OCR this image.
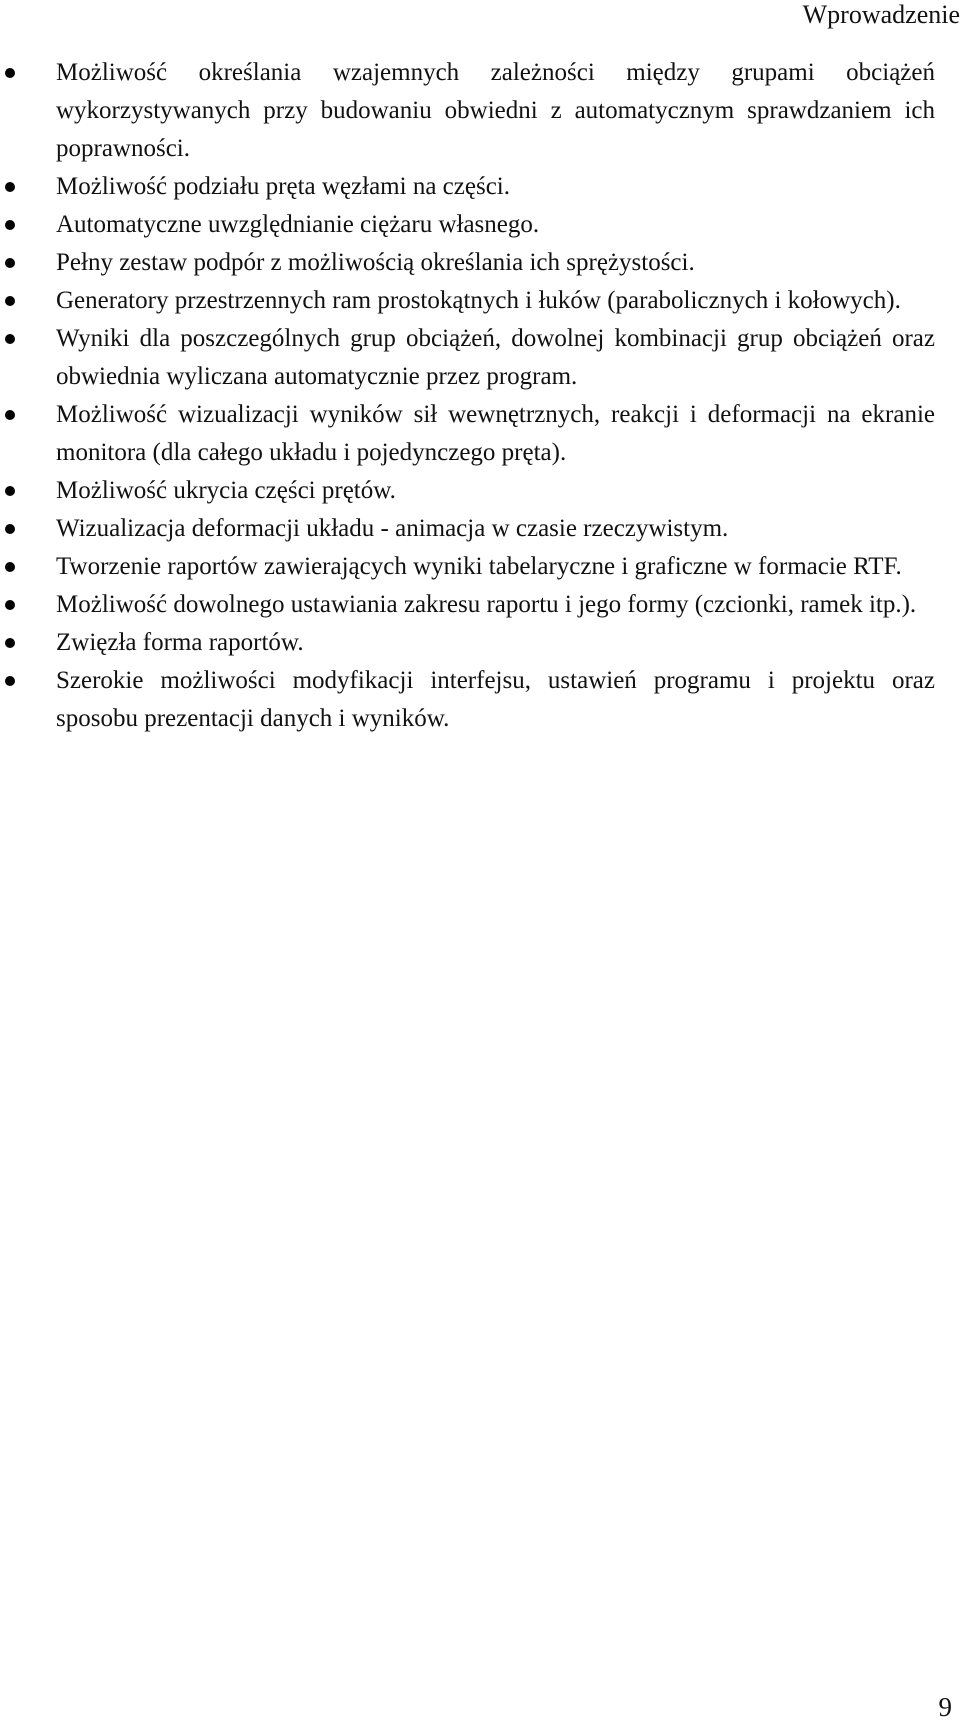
Wprowadzenie
Możliwość określania wzajemnych zależności między grupami obciążeń wykorzystywanych przy budowaniu obwiedni z automatycznym sprawdzaniem ich poprawności.
Możliwość podziału pręta węzłami na części.
Automatyczne uwzględnianie ciężaru własnego.
Pełny zestaw podpór z możliwością określania ich sprężystości.
Generatory przestrzennych ram prostokątnych i łuków (parabolicznych i kołowych).
Wyniki dla poszczególnych grup obciążeń, dowolnej kombinacji grup obciążeń oraz obwiednia wyliczana automatycznie przez program.
Możliwość wizualizacji wyników sił wewnętrznych, reakcji i deformacji na ekranie monitora (dla całego układu i pojedynczego pręta).
Możliwość ukrycia części prętów.
Wizualizacja deformacji układu - animacja w czasie rzeczywistym.
Tworzenie raportów zawierających wyniki tabelaryczne i graficzne w formacie RTF.
Możliwość dowolnego ustawiania zakresu raportu i jego formy (czcionki, ramek itp.).
Zwięzła forma raportów.
Szerokie możliwości modyfikacji interfejsu, ustawień programu i projektu oraz sposobu prezentacji danych i wyników.
9
